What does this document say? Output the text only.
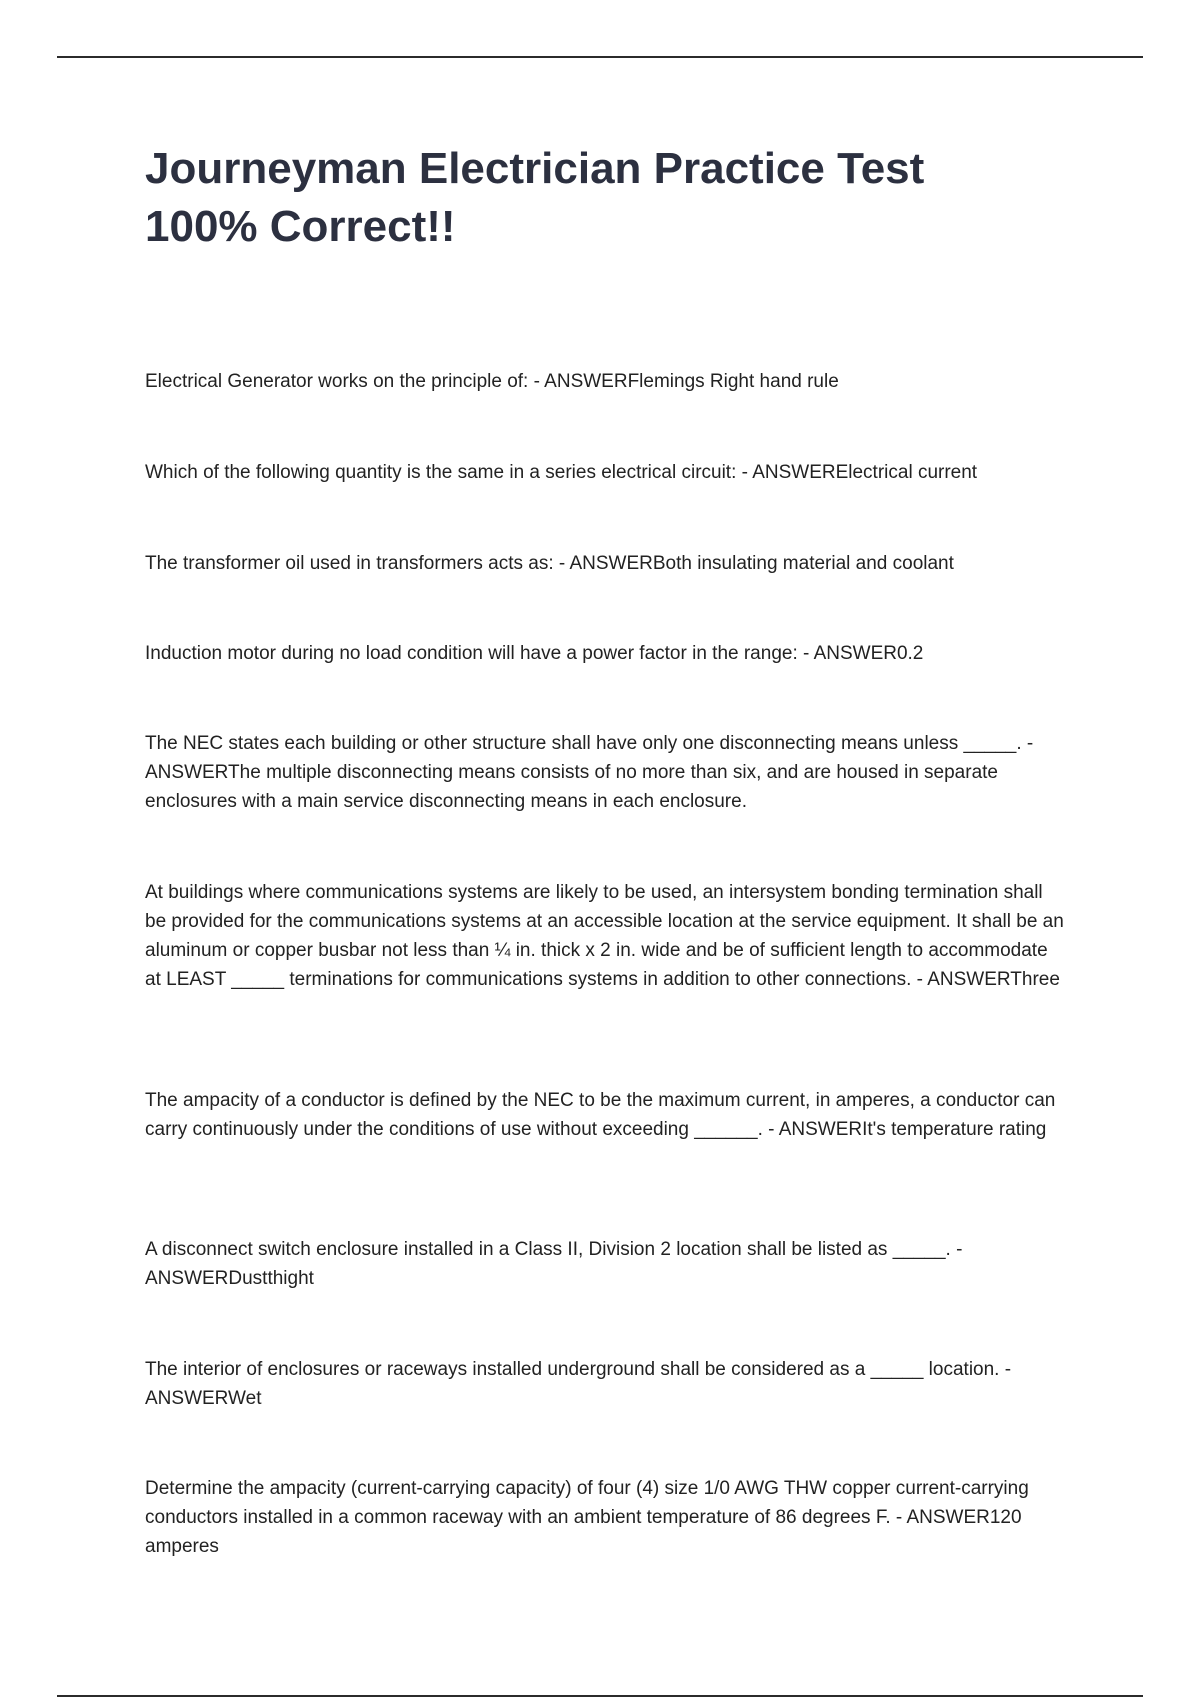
Journeyman Electrician Practice Test
100% Correct!!

Electrical Generator works on the principle of: - ANSWERFlemings Right hand rule

Which of the following quantity is the same in a series electrical circuit: - ANSWERElectrical current

The transformer oil used in transformers acts as: - ANSWERBoth insulating material and coolant

Induction motor during no load condition will have a power factor in the range: - ANSWER0.2

The NEC states each building or other structure shall have only one disconnecting means unless _____. - ANSWERThe multiple disconnecting means consists of no more than six, and are housed in separate enclosures with a main service disconnecting means in each enclosure.

At buildings where communications systems are likely to be used, an intersystem bonding termination shall be provided for the communications systems at an accessible location at the service equipment. It shall be an aluminum or copper busbar not less than ¼ in. thick x 2 in. wide and be of sufficient length to accommodate at LEAST _____ terminations for communications systems in addition to other connections. - ANSWERThree

The ampacity of a conductor is defined by the NEC to be the maximum current, in amperes, a conductor can carry continuously under the conditions of use without exceeding ______. - ANSWERIt's temperature rating

A disconnect switch enclosure installed in a Class II, Division 2 location shall be listed as _____. - ANSWERDustthight

The interior of enclosures or raceways installed underground shall be considered as a _____ location. - ANSWERWet

Determine the ampacity (current-carrying capacity) of four (4) size 1/0 AWG THW copper current-carrying conductors installed in a common raceway with an ambient temperature of 86 degrees F. - ANSWER120 amperes
